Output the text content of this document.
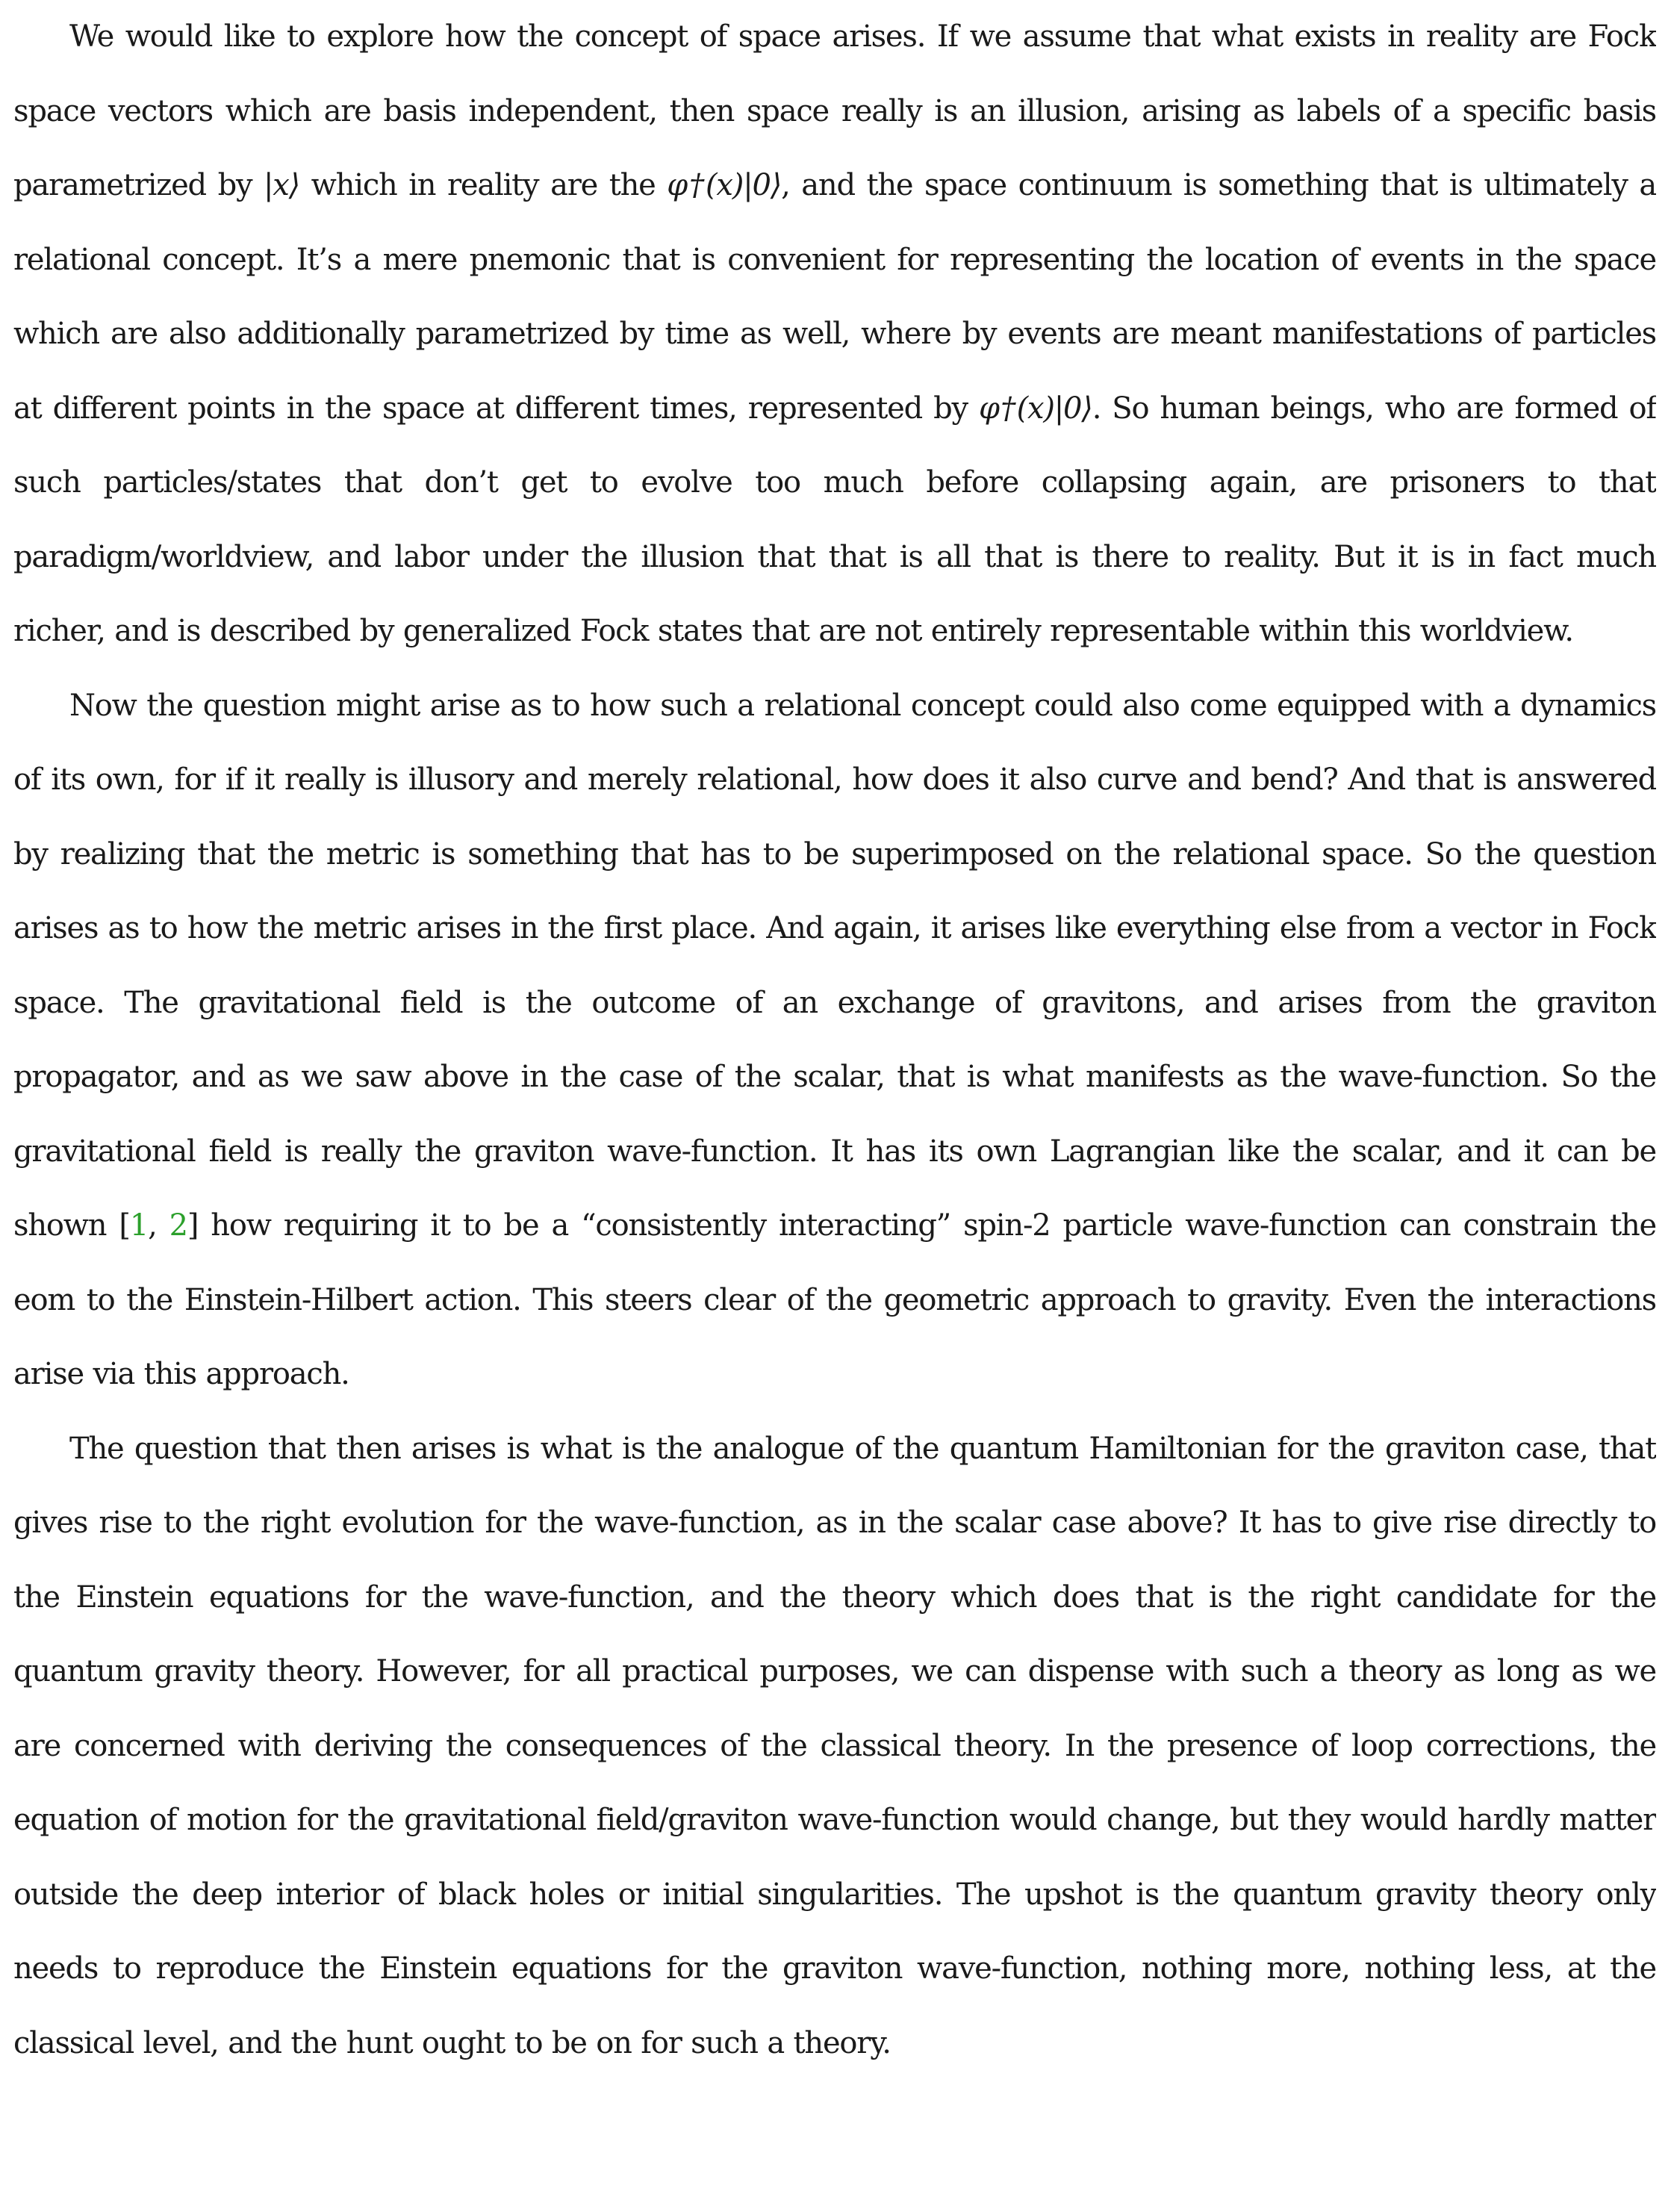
We would like to explore how the concept of space arises. If we assume that what exists in reality are Fock space vectors which are basis independent, then space really is an illusion, arising as labels of a specific basis parametrized by |x⟩ which in reality are the φ†(x)|0⟩, and the space continuum is something that is ultimately a relational concept. It’s a mere pnemonic that is convenient for representing the location of events in the space which are also additionally parametrized by time as well, where by events are meant manifestations of particles at different points in the space at different times, represented by φ†(x)|0⟩. So human beings, who are formed of such particles/states that don’t get to evolve too much before collapsing again, are prisoners to that paradigm/worldview, and labor under the illusion that that is all that is there to reality. But it is in fact much richer, and is described by generalized Fock states that are not entirely representable within this worldview.

Now the question might arise as to how such a relational concept could also come equipped with a dynamics of its own, for if it really is illusory and merely relational, how does it also curve and bend? And that is answered by realizing that the metric is something that has to be superimposed on the relational space. So the question arises as to how the metric arises in the first place. And again, it arises like everything else from a vector in Fock space. The gravitational field is the outcome of an exchange of gravitons, and arises from the graviton propagator, and as we saw above in the case of the scalar, that is what manifests as the wave-function. So the gravitational field is really the graviton wave-function. It has its own Lagrangian like the scalar, and it can be shown [1, 2] how requiring it to be a “consistently interacting” spin-2 particle wave-function can constrain the eom to the Einstein-Hilbert action. This steers clear of the geometric approach to gravity. Even the interactions arise via this approach.

The question that then arises is what is the analogue of the quantum Hamiltonian for the graviton case, that gives rise to the right evolution for the wave-function, as in the scalar case above? It has to give rise directly to the Einstein equations for the wave-function, and the theory which does that is the right candidate for the quantum gravity theory. However, for all practical purposes, we can dispense with such a theory as long as we are concerned with deriving the consequences of the classical theory. In the presence of loop corrections, the equation of motion for the gravitational field/graviton wave-function would change, but they would hardly matter outside the deep interior of black holes or initial singularities. The upshot is the quantum gravity theory only needs to reproduce the Einstein equations for the graviton wave-function, nothing more, nothing less, at the classical level, and the hunt ought to be on for such a theory.
